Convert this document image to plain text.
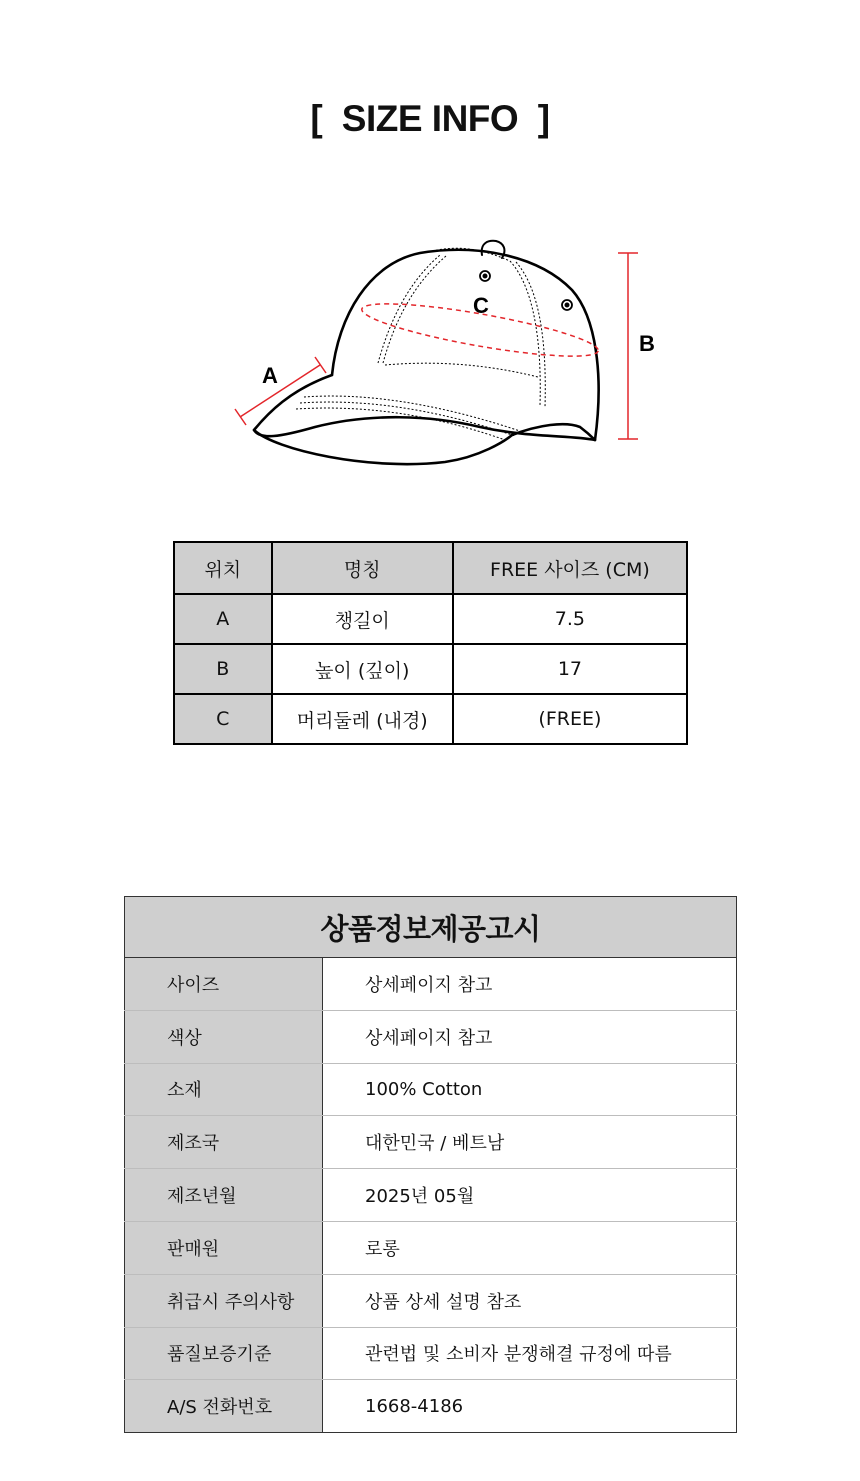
[  SIZE INFO  ]
A
B
C
위치	명칭	FREE 사이즈 (CM)
A	챙길이	7.5
B	높이 (깊이)	17
C	머리둘레 (내경)	(FREE)
상품정보제공고시	
사이즈	상세페이지 참고
색상	상세페이지 참고
소재	100% Cotton
제조국	대한민국 / 베트남
제조년월	2025년 05월
판매원	로롱
취급시 주의사항	상품 상세 설명 참조
품질보증기준	관련법 및 소비자 분쟁해결 규정에 따름
A/S 전화번호	1668-4186
